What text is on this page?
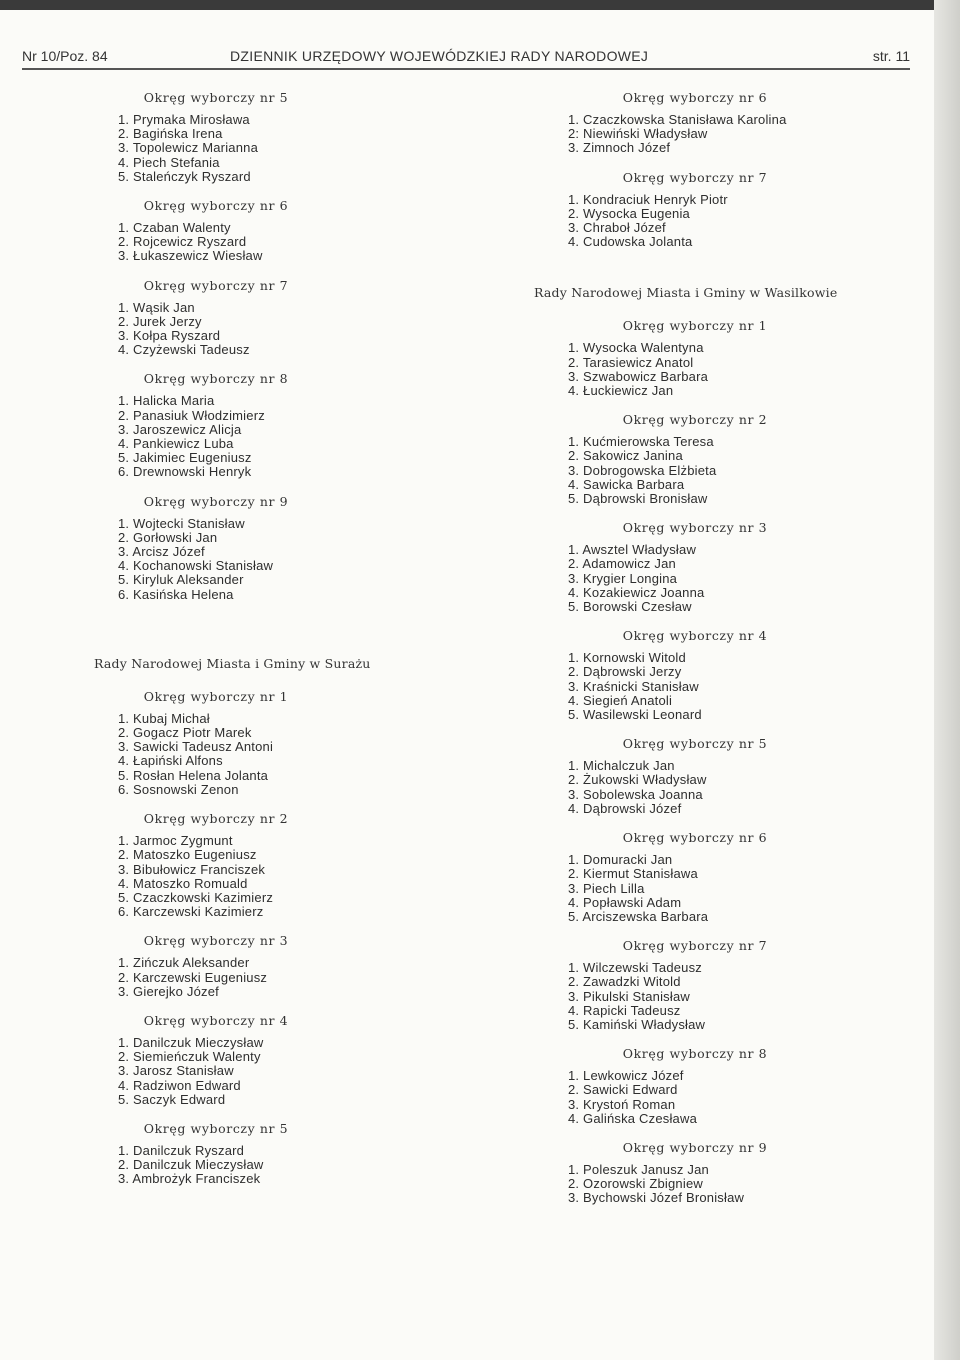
Nr 10/Poz. 84	DZIENNIK URZĘDOWY WOJEWÓDZKIEJ RADY NARODOWEJ	str. 11
Okręg wyborczy nr 5
1. Prymaka Mirosława
2. Bagińska Irena
3. Topolewicz Marianna
4. Piech Stefania
5. Staleńczyk Ryszard
Okręg wyborczy nr 6
1. Czaban Walenty
2. Rojcewicz Ryszard
3. Łukaszewicz Wiesław
Okręg wyborczy nr 7
1. Wąsik Jan
2. Jurek Jerzy
3. Kołpa Ryszard
4. Czyżewski Tadeusz
Okręg wyborczy nr 8
1. Halicka Maria
2. Panasiuk Włodzimierz
3. Jaroszewicz Alicja
4. Pankiewicz Luba
5. Jakimiec Eugeniusz
6. Drewnowski Henryk
Okręg wyborczy nr 9
1. Wojtecki Stanisław
2. Gorłowski Jan
3. Arcisz Józef
4. Kochanowski Stanisław
5. Kiryluk Aleksander
6. Kasińska Helena
Rady Narodowej Miasta i Gminy w Surażu
Okręg wyborczy nr 1
1. Kubaj Michał
2. Gogacz Piotr Marek
3. Sawicki Tadeusz Antoni
4. Łapiński Alfons
5. Rosłan Helena Jolanta
6. Sosnowski Zenon
Okręg wyborczy nr 2
1. Jarmoc Zygmunt
2. Matoszko Eugeniusz
3. Bibułowicz Franciszek
4. Matoszko Romuald
5. Czaczkowski Kazimierz
6. Karczewski Kazimierz
Okręg wyborczy nr 3
1. Zińczuk Aleksander
2. Karczewski Eugeniusz
3. Gierejko Józef
Okręg wyborczy nr 4
1. Danilczuk Mieczysław
2. Siemieńczuk Walenty
3. Jarosz Stanisław
4. Radziwon Edward
5. Saczyk Edward
Okręg wyborczy nr 5
1. Danilczuk Ryszard
2. Danilczuk Mieczysław
3. Ambrożyk Franciszek
Okręg wyborczy nr 6
1. Czaczkowska Stanisława Karolina
2: Niewiński Władysław
3. Zimnoch Józef
Okręg wyborczy nr 7
1. Kondraciuk Henryk Piotr
2. Wysocka Eugenia
3. Chraboł Józef
4. Cudowska Jolanta
Rady Narodowej Miasta i Gminy w Wasilkowie
Okręg wyborczy nr 1
1. Wysocka Walentyna
2. Tarasiewicz Anatol
3. Szwabowicz Barbara
4. Łuckiewicz Jan
Okręg wyborczy nr 2
1. Kućmierowska Teresa
2. Sakowicz Janina
3. Dobrogowska Elżbieta
4. Sawicka Barbara
5. Dąbrowski Bronisław
Okręg wyborczy nr 3
1. Awsztel Władysław
2. Adamowicz Jan
3. Krygier Longina
4. Kozakiewicz Joanna
5. Borowski Czesław
Okręg wyborczy nr 4
1. Kornowski Witold
2. Dąbrowski Jerzy
3. Kraśnicki Stanisław
4. Siegień Anatoli
5. Wasilewski Leonard
Okręg wyborczy nr 5
1. Michalczuk Jan
2. Żukowski Władysław
3. Sobolewska Joanna
4. Dąbrowski Józef
Okręg wyborczy nr 6
1. Domuracki Jan
2. Kiermut Stanisława
3. Piech Lilla
4. Popławski Adam
5. Arciszewska Barbara
Okręg wyborczy nr 7
1. Wilczewski Tadeusz
2. Zawadzki Witold
3. Pikulski Stanisław
4. Rapicki Tadeusz
5. Kamiński Władysław
Okręg wyborczy nr 8
1. Lewkowicz Józef
2. Sawicki Edward
3. Krystoń Roman
4. Galińska Czesława
Okręg wyborczy nr 9
1. Poleszuk Janusz Jan
2. Ozorowski Zbigniew
3. Bychowski Józef Bronisław
